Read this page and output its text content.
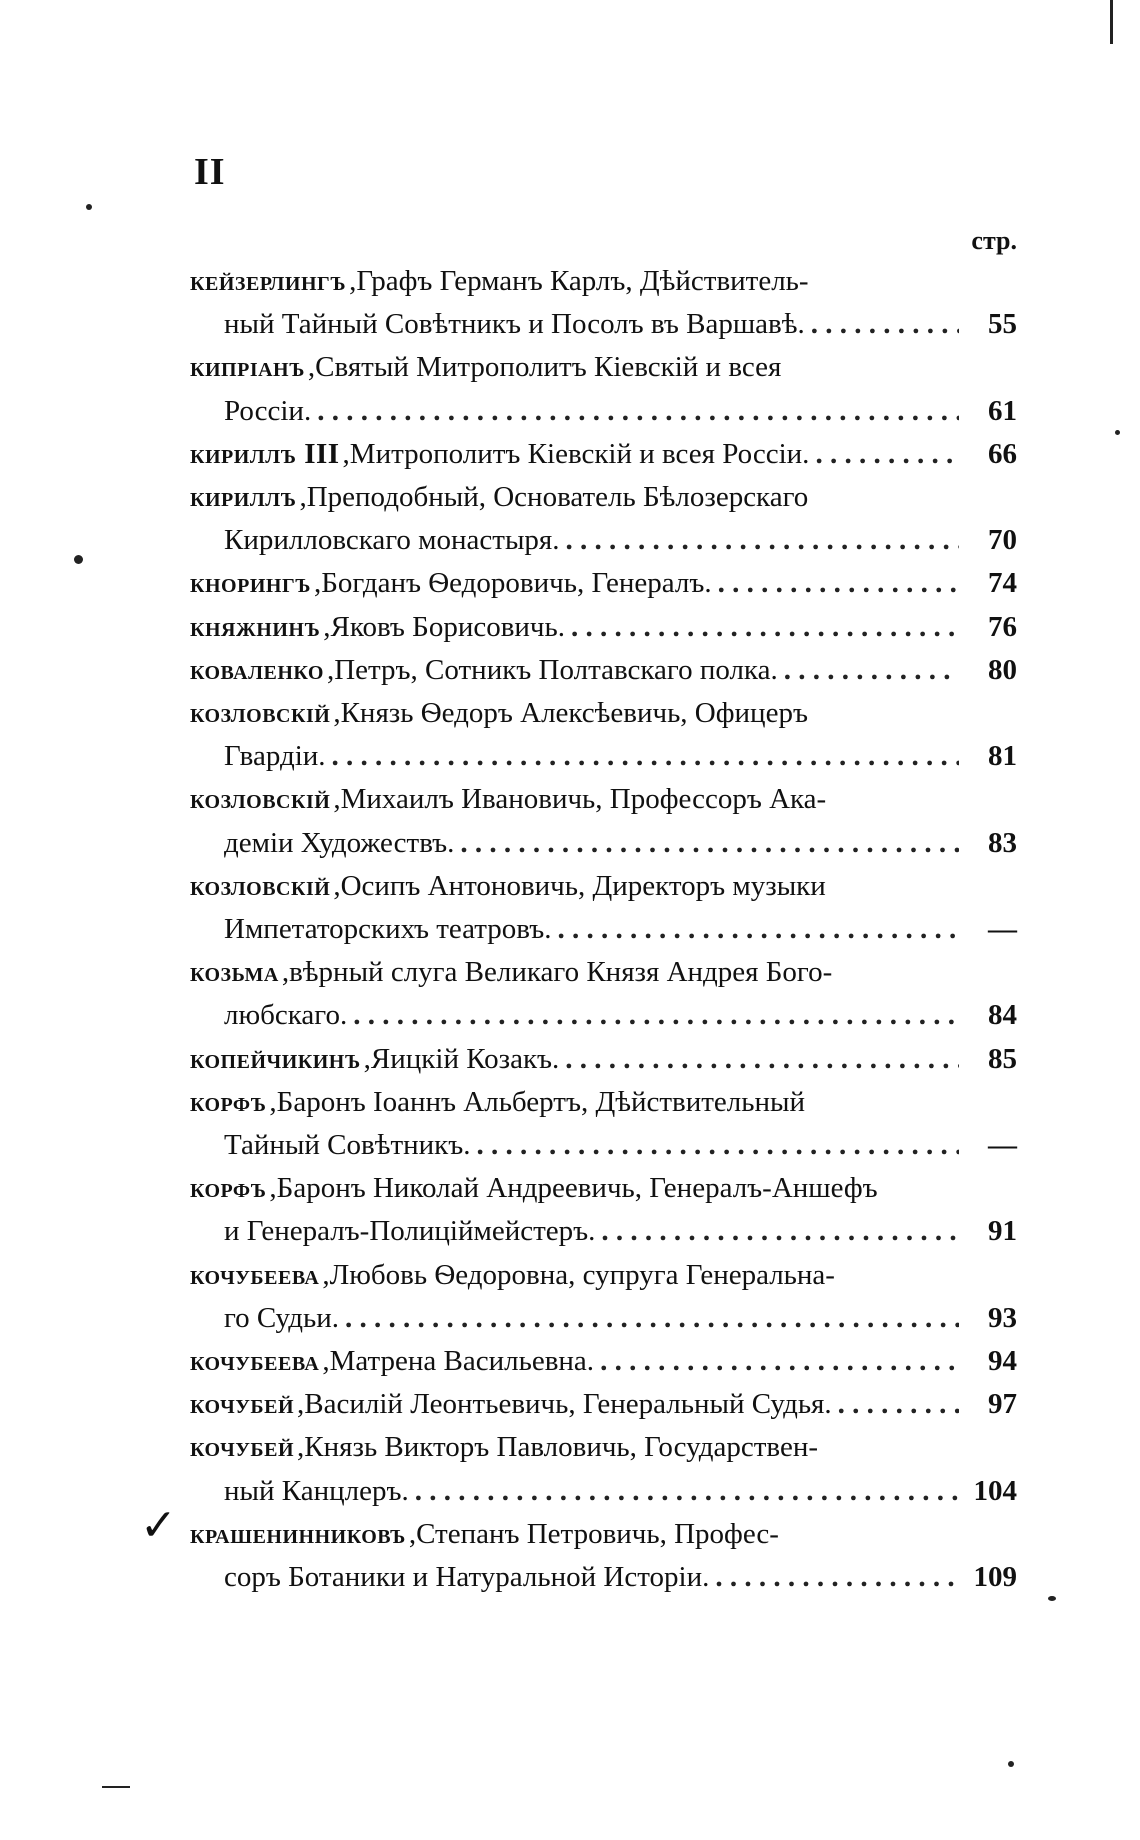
II
стр.
кейзерлингъ , Графъ Германъ Карлъ, Дѣйствитель-
ный Тайный Совѣтникъ и Посолъ въ Варшавѣ. . . .	55
кипріанъ , Святый Митрополитъ Кіевскій и всея
Россіи. . . .	61
кириллъ III , Митрополитъ Кіевскій и всея Россіи. . . .	66
кириллъ , Преподобный, Основатель Бѣлозерскаго
Кирилловскаго монастыря. . . .	70
кнорингъ , Богданъ Ѳедоровичь, Генералъ. . . .	74
княжнинъ , Яковъ Борисовичь. . . .	76
коваленко , Петръ, Сотникъ Полтавскаго полка. . . .	80
козловскій , Князь Ѳедоръ Алексѣевичь, Офицеръ
Гвардіи. . . .	81
козловскій , Михаилъ Ивановичь, Профессоръ Ака-
деміи Художествъ. . . .	83
козловскій , Осипъ Антоновичь, Директоръ музыки
Импетаторскихъ театровъ. . . .	—
козьма , вѣрный слуга Великаго Князя Андрея Бого-
любскаго. . . .	84
копейчикинъ , Яицкій Козакъ. . . .	85
корфъ , Баронъ Іоаннъ Альбертъ, Дѣйствительный
Тайный Совѣтникъ. . . .	—
корфъ , Баронъ Николай Андреевичь, Генералъ-Аншефъ
и Генералъ-Полицiймейстеръ. . . .	91
кочубеева , Любовь Ѳедоровна, супруга Генеральна-
го Судьи. . . .	93
кочубеева , Матрена Васильевна. . . .	94
кочубей , Василій Леонтьевичь, Генеральный Судья. . . .	97
кочубей , Князь Викторъ Павловичь, Государствен-
ный Канцлеръ. . . .	104
крашенинниковъ , Степанъ Петровичь, Профес-
соръ Ботаники и Натуральной Исторіи. . . .	109
✓
